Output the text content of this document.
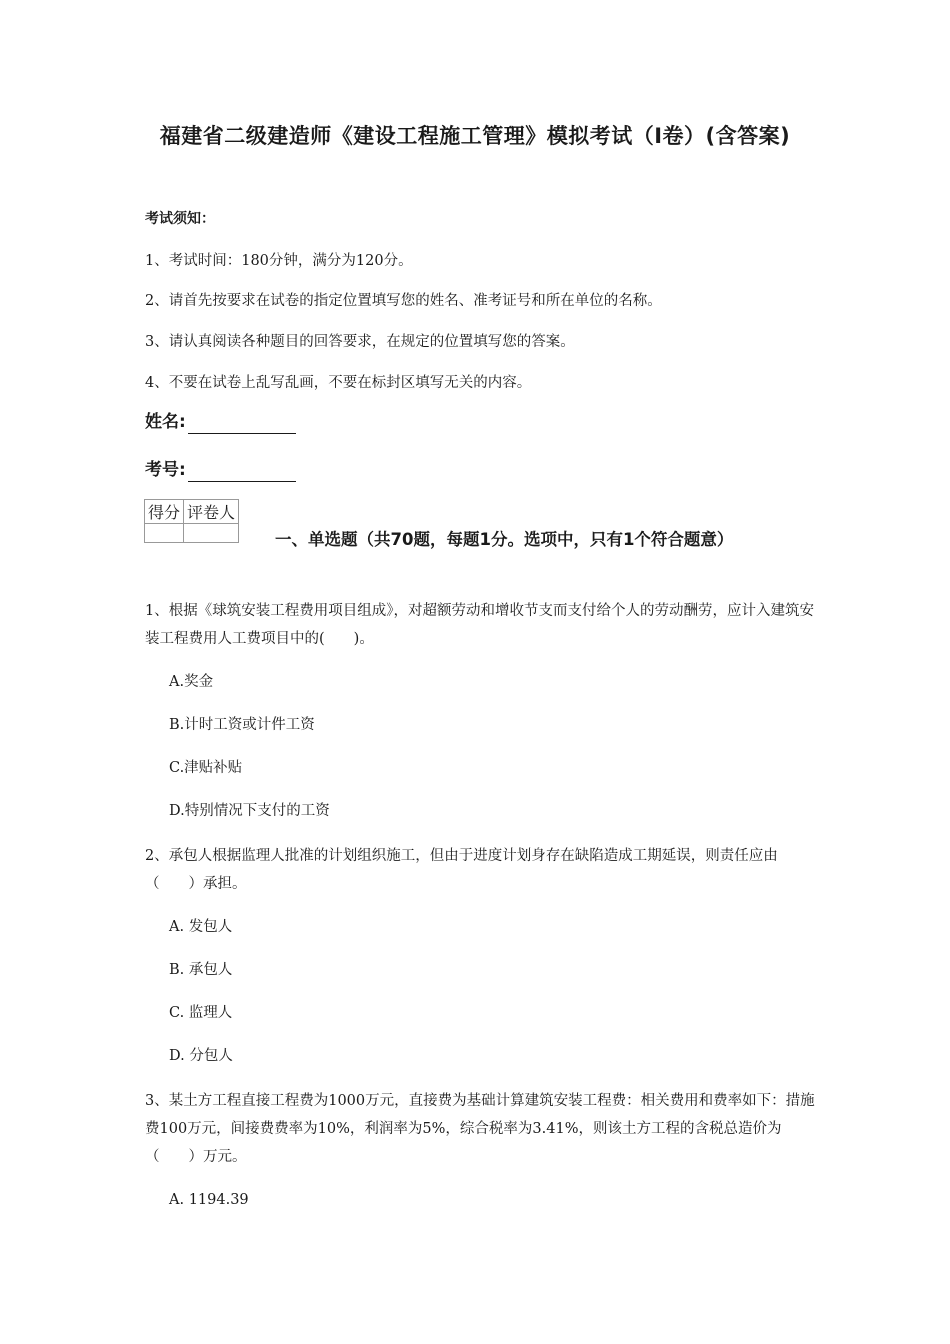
福建省二级建造师《建设工程施工管理》模拟考试（I卷）(含答案)
考试须知：
1、考试时间：180分钟，满分为120分。
2、请首先按要求在试卷的指定位置填写您的姓名、准考证号和所在单位的名称。
3、请认真阅读各种题目的回答要求，在规定的位置填写您的答案。
4、不要在试卷上乱写乱画，不要在标封区填写无关的内容。
姓名:
考号:
得分	评卷人

一、单选题（共70题，每题1分。选项中，只有1个符合题意）
1、根据《球筑安装工程费用项目组成》，对超额劳动和增收节支而支付给个人的劳动酬劳，应计入建筑安装工程费用人工费项目中的(　　)。
A.奖金
B.计时工资或计件工资
C.津贴补贴
D.特别情况下支付的工资
2、承包人根据监理人批准的计划组织施工，但由于进度计划身存在缺陷造成工期延误，则责任应由（　　）承担。
A. 发包人
B. 承包人
C. 监理人
D. 分包人
3、某土方工程直接工程费为1000万元，直接费为基础计算建筑安装工程费：相关费用和费率如下：措施费100万元，间接费费率为10%，利润率为5%，综合税率为3.41%，则该土方工程的含税总造价为（　　）万元。
A. 1194.39
